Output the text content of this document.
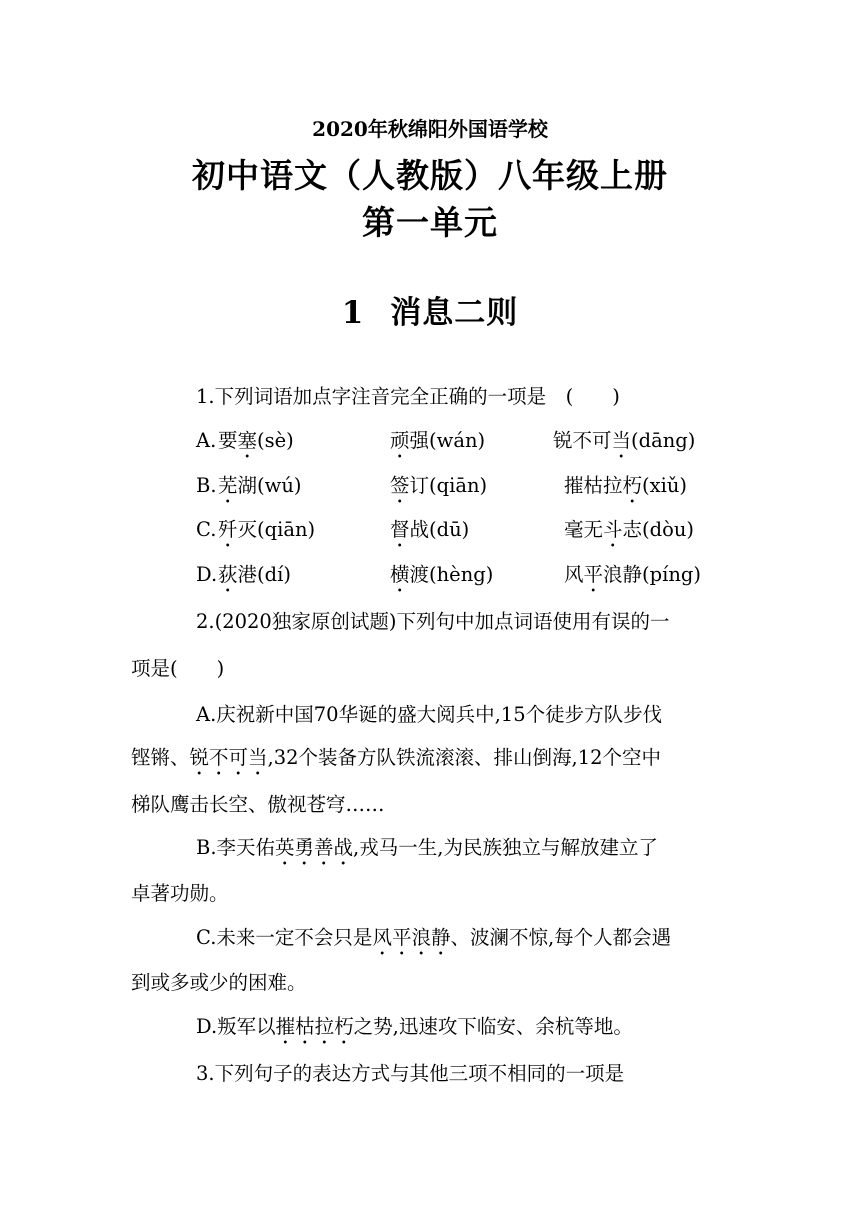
2020年秋绵阳外国语学校
初中语文（人教版）八年级上册
第一单元
1 消息二则
1.下列词语加点字注音完全正确的一项是　(　　)
A. 要塞(sè)	顽强(wán)	锐不可当(dāng)
B. 芜湖(wú)	签订(qiān)	摧枯拉朽(xiǔ)
C. 歼灭(qiān)	督战(dū)	毫无斗志(dòu)
D. 荻港(dí)	横渡(hèng)	风平浪静(píng)
2.(2020独家原创试题)下列句中加点词语使用有误的一
项是(　　)
A.庆祝新中国70华诞的盛大阅兵中,15个徒步方队步伐
铿锵、锐不可当,32个装备方队铁流滚滚、排山倒海,12个空中
梯队鹰击长空、傲视苍穹……
B.李天佑英勇善战,戎马一生,为民族独立与解放建立了
卓著功勋。
C.未来一定不会只是风平浪静、波澜不惊,每个人都会遇
到或多或少的困难。
D.叛军以摧枯拉朽之势,迅速攻下临安、余杭等地。
3.下列句子的表达方式与其他三项不相同的一项是
